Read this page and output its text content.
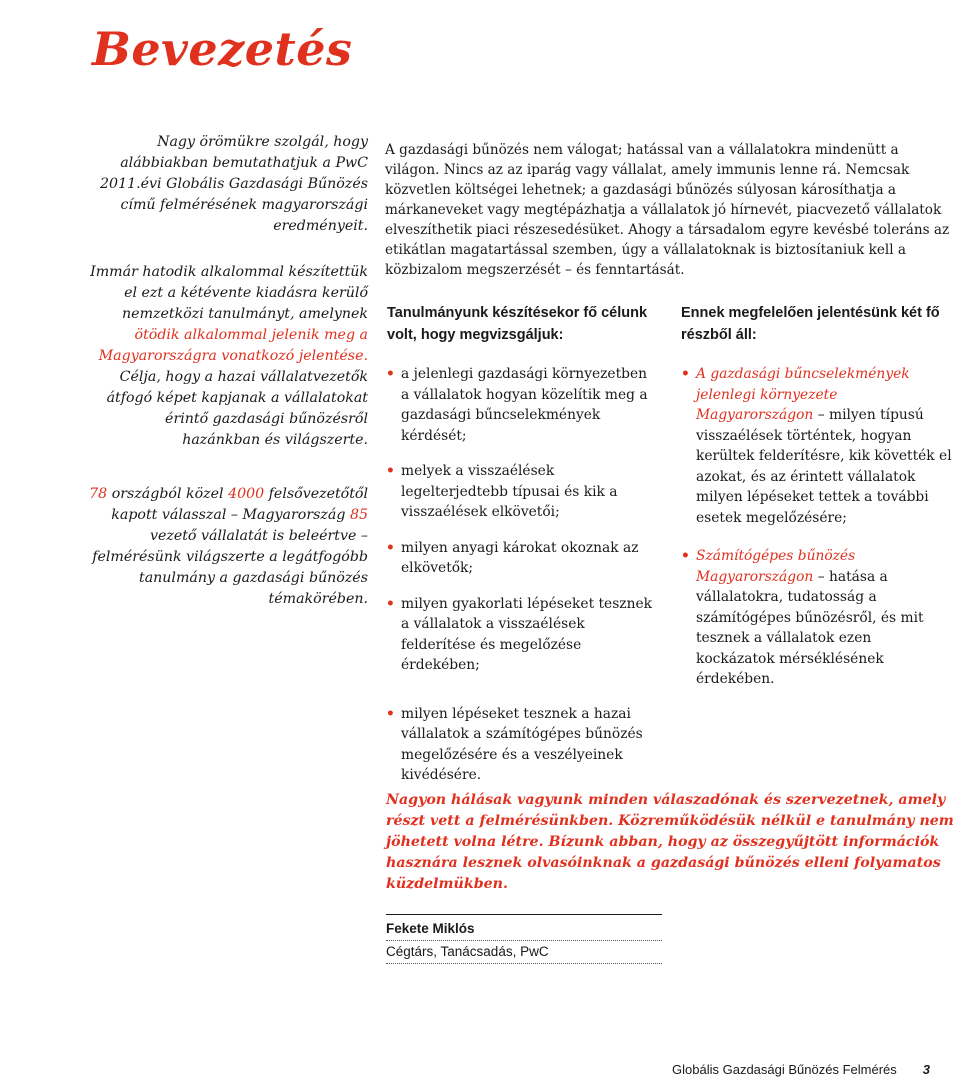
Bevezetés

Nagy örömükre szolgál, hogy alábbiakban bemutathatjuk a PwC 2011.évi Globális Gazdasági Bűnözés című felmérésének magyarországi eredményeit.

Immár hatodik alkalommal készítettük el ezt a kétévente kiadásra kerülő nemzetközi tanulmányt, amelynek ötödik alkalommal jelenik meg a Magyarországra vonatkozó jelentése. Célja, hogy a hazai vállalatvezetők átfogó képet kapjanak a vállalatokat érintő gazdasági bűnözésről hazánkban és világszerte.

78 országból közel 4000 felsővezetőtől kapott válasszal – Magyarország 85 vezető vállalatát is beleértve – felmérésünk világszerte a legátfogóbb tanulmány a gazdasági bűnözés témakörében.

A gazdasági bűnözés nem válogat; hatással van a vállalatokra mindenütt a világon. Nincs az az iparág vagy vállalat, amely immunis lenne rá. Nemcsak közvetlen költségei lehetnek; a gazdasági bűnözés súlyosan károsíthatja a márkaneveket vagy megtépázhatja a vállalatok jó hírnevét, piacvezető vállalatok elveszíthetik piaci részesedésüket. Ahogy a társadalom egyre kevésbé toleráns az etikátlan magatartással szemben, úgy a vállalatoknak is biztosítaniuk kell a közbizalom megszerzését – és fenntartását.

Tanulmányunk készítésekor fő célunk volt, hogy megvizsgáljuk:
• a jelenlegi gazdasági környezetben a vállalatok hogyan közelítik meg a gazdasági bűncselekmények kérdését;
• melyek a visszaélések legelterjedtebb típusai és kik a visszaélések elkövetői;
• milyen anyagi károkat okoznak az elkövetők;
• milyen gyakorlati lépéseket tesznek a vállalatok a visszaélések felderítése és megelőzése érdekében;
• milyen lépéseket tesznek a hazai vállalatok a számítógépes bűnözés megelőzésére és a veszélyeinek kivédésére.
Ennek megfelelően jelentésünk két fő részből áll:
• A gazdasági bűncselekmények jelenlegi környezete Magyarországon – milyen típusú visszaélések történtek, hogyan kerültek felderítésre, kik követték el azokat, és az érintett vállalatok milyen lépéseket tettek a további esetek megelőzésére;
• Számítógépes bűnözés Magyarországon – hatása a vállalatokra, tudatosság a számítógépes bűnözésről, és mit tesznek a vállalatok ezen kockázatok mérséklésének érdekében.

Nagyon hálásak vagyunk minden válaszadónak és szervezetnek, amely részt vett a felmérésünkben. Közreműködésük nélkül e tanulmány nem jöhetett volna létre. Bízunk abban, hogy az összegyűjtött információk hasznára lesznek olvasóinknak a gazdasági bűnözés elleni folyamatos küzdelmükben.

Fekete Miklós
Cégtárs, Tanácsadás, PwC
Globális Gazdasági Bűnözés Felmérés 3
